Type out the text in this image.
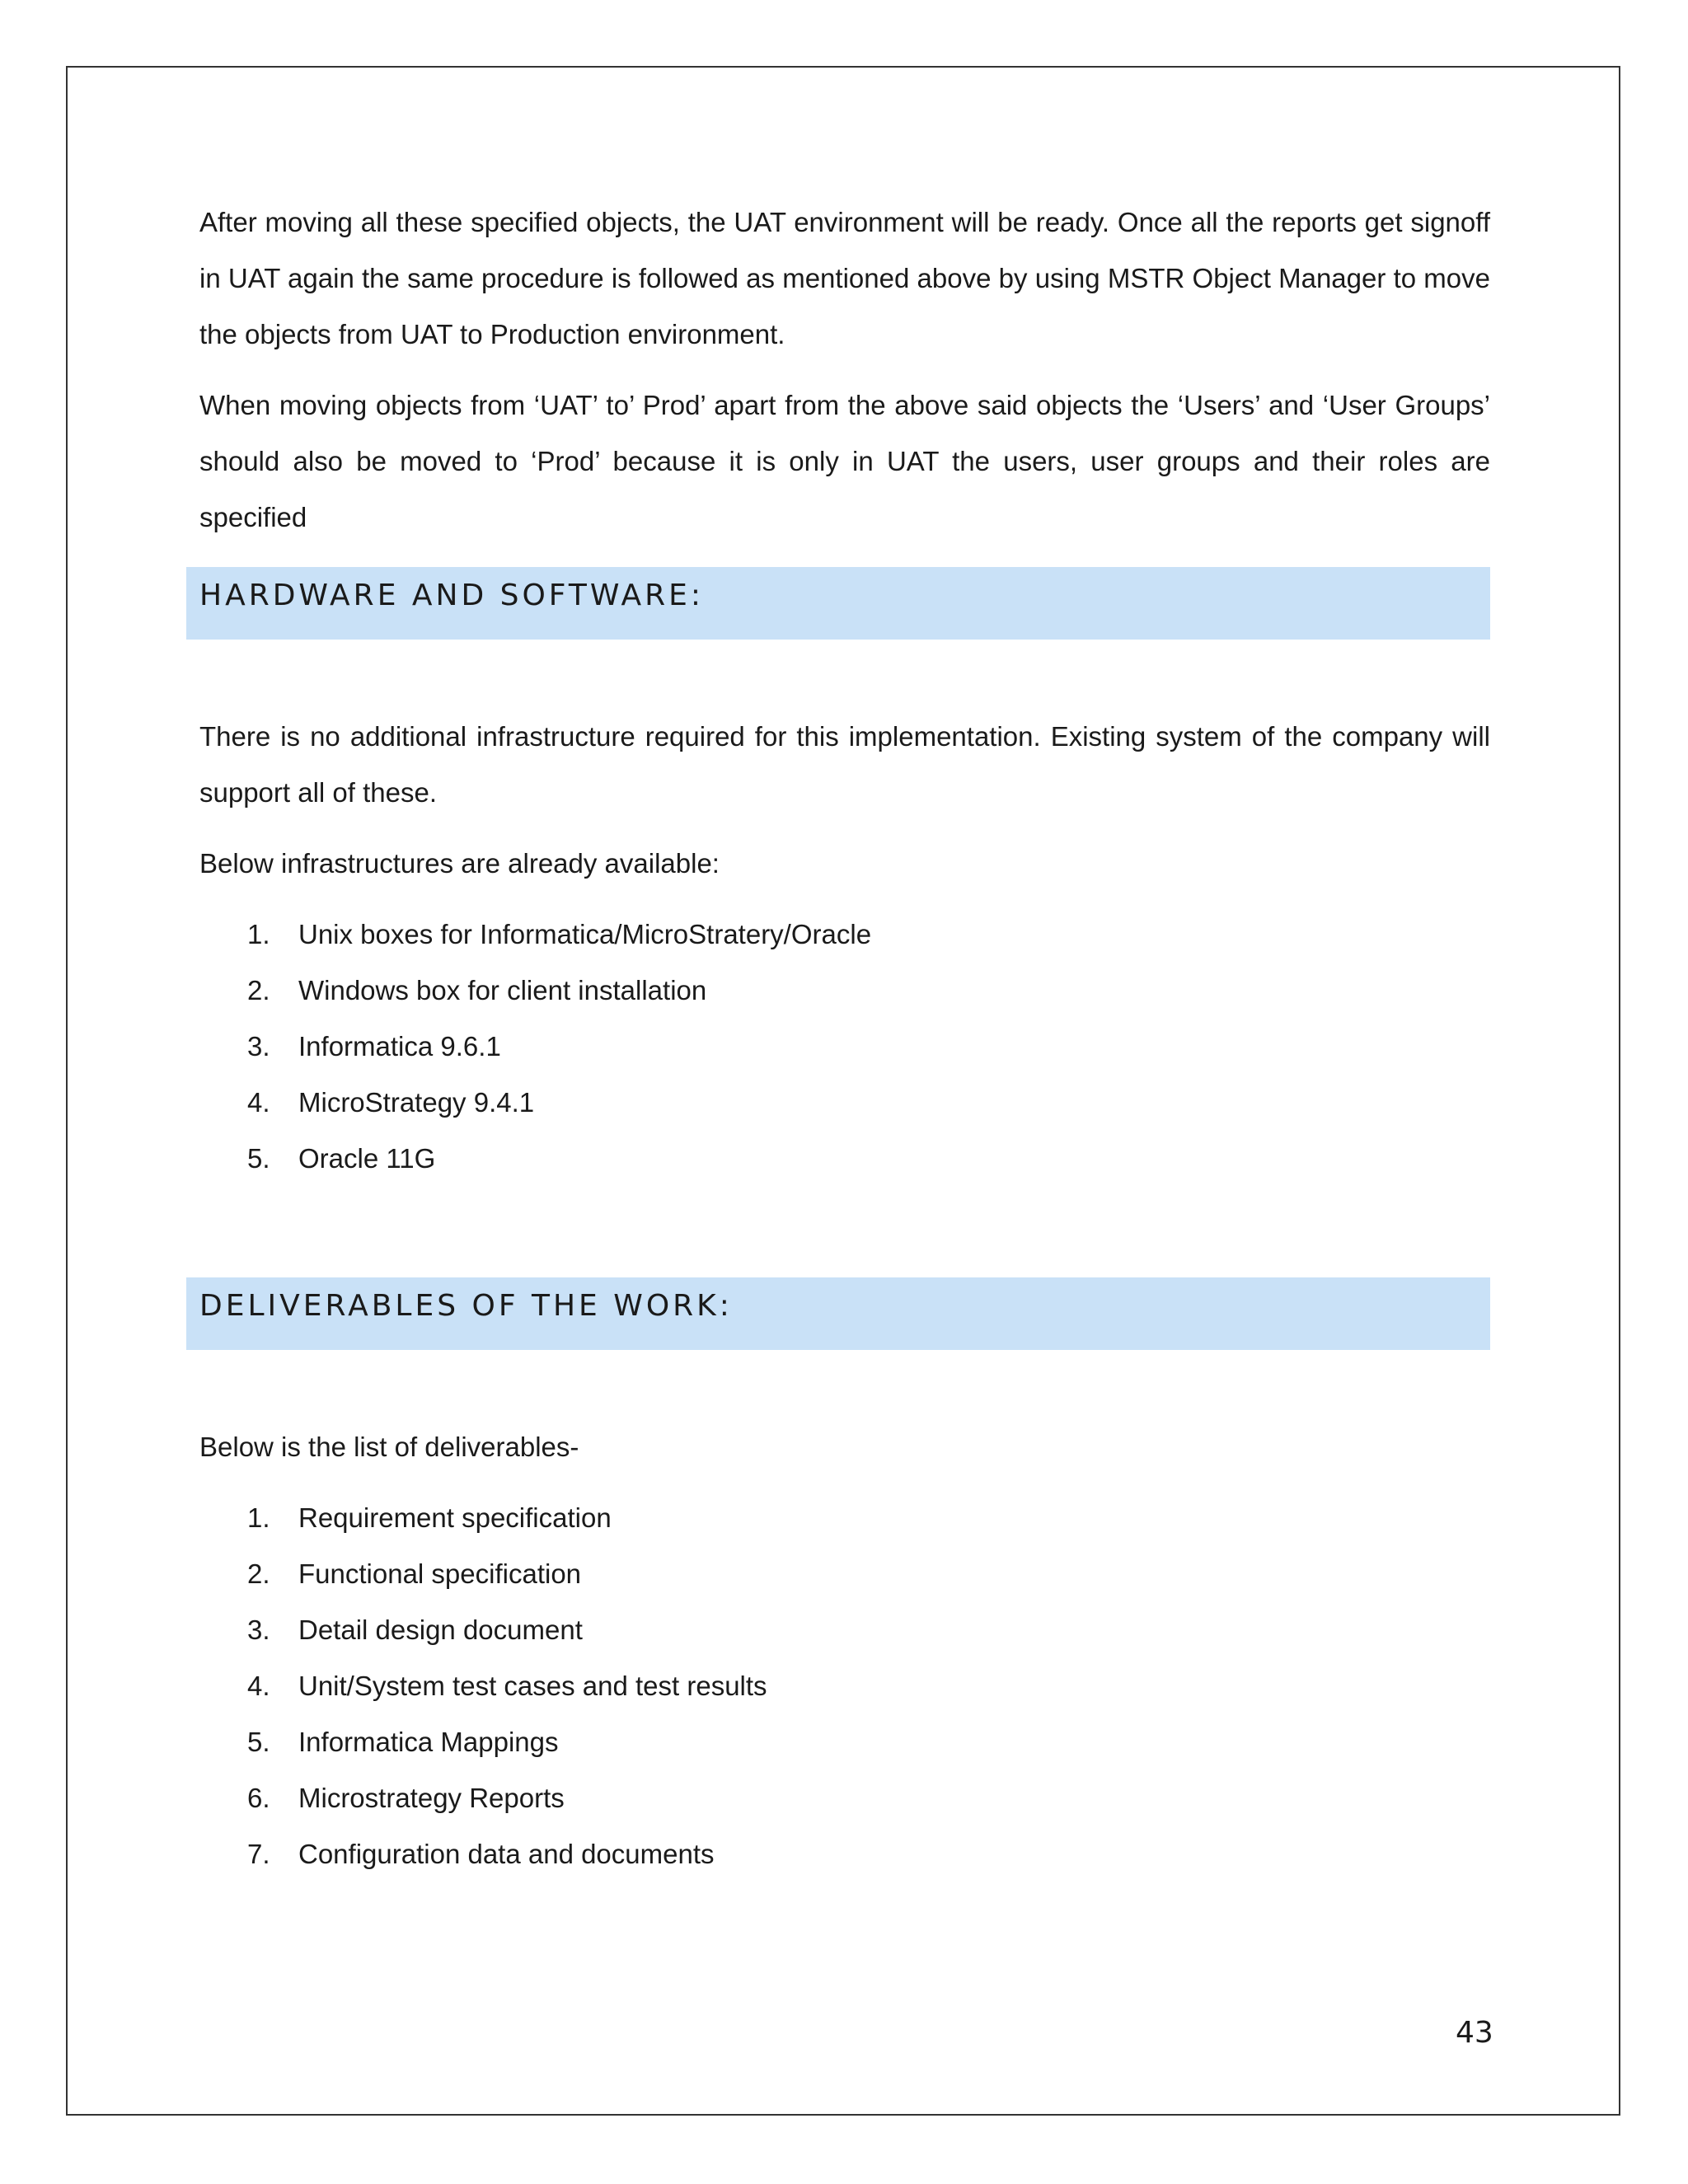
After moving all these specified objects, the UAT environment will be ready. Once all the reports get signoff in UAT again the same procedure is followed as mentioned above by using MSTR Object Manager to move the objects from UAT to Production environment.

When moving objects from ‘UAT’ to’ Prod’ apart from the above said objects the ‘Users’ and ‘User Groups’ should also be moved to ‘Prod’ because it is only in UAT the users, user groups and their roles are specified

HARDWARE AND SOFTWARE:

There is no additional infrastructure required for this implementation. Existing system of the company will support all of these.

Below infrastructures are already available:

1. Unix boxes for Informatica/MicroStratery/Oracle
2. Windows box for client installation
3. Informatica 9.6.1
4. MicroStrategy 9.4.1
5. Oracle 11G
DELIVERABLES OF THE WORK:

Below is the list of deliverables-

1. Requirement specification
2. Functional specification
3. Detail design document
4. Unit/System test cases and test results
5. Informatica Mappings
6. Microstrategy Reports
7. Configuration data and documents
43
